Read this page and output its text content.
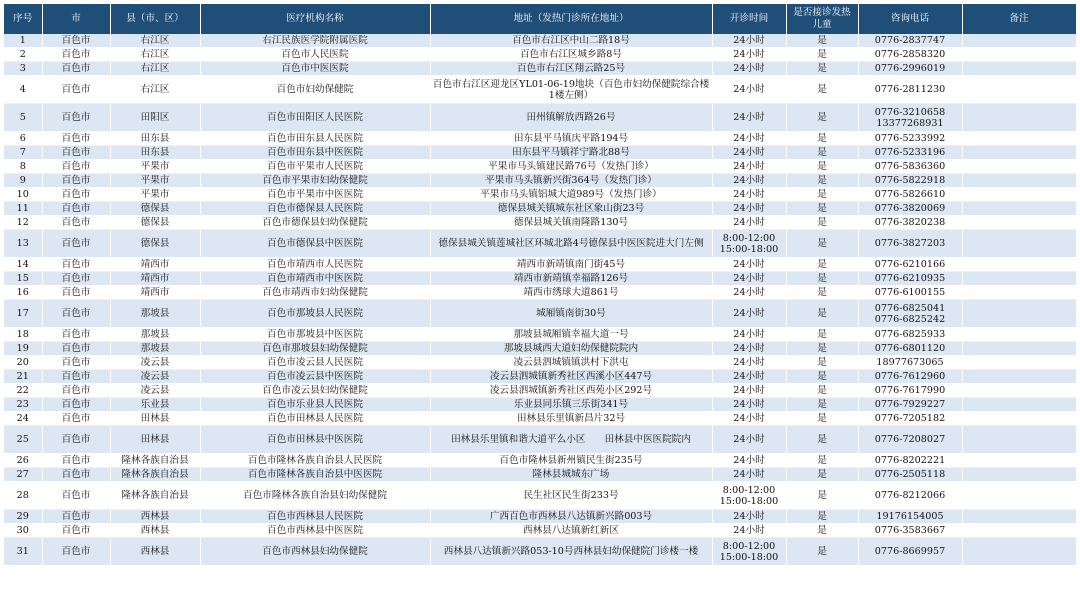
序号	市	县（市、区）	医疗机构名称	地址（发热门诊所在地址）	开诊时间	是否接诊发热儿童	咨询电话	备注
1	百色市	右江区	右江民族医学院附属医院	百色市右江区中山二路18号	24小时	是	0776-2837747	
2	百色市	右江区	百色市人民医院	百色市右江区城乡路8号	24小时	是	0776-2858320	
3	百色市	右江区	百色市中医医院	百色市右江区翔云路25号	24小时	是	0776-2996019	
4	百色市	右江区	百色市妇幼保健院	百色市右江区迎龙区YL01-06-19地块（百色市妇幼保健院综合楼1楼左侧）	24小时	是	0776-2811230	
5	百色市	田阳区	百色市田阳区人民医院	田州镇解放西路26号	24小时	是	0776-3210658 13377268931	
6	百色市	田东县	百色市田东县人民医院	田东县平马镇庆平路194号	24小时	是	0776-5233992	
7	百色市	田东县	百色市田东县中医医院	田东县平马镇祥宁路北88号	24小时	是	0776-5233196	
8	百色市	平果市	百色市平果市人民医院	平果市马头镇建民路76号（发热门诊）	24小时	是	0776-5836360	
9	百色市	平果市	百色市平果市妇幼保健院	平果市马头镇新兴街364号（发热门诊）	24小时	是	0776-5822918	
10	百色市	平果市	百色市平果市中医医院	平果市马头镇铝城大道989号（发热门诊）	24小时	是	0776-5826610	
11	百色市	德保县	百色市德保县人民医院	德保县城关镇城东社区象山街23号	24小时	是	0776-3820069	
12	百色市	德保县	百色市德保县妇幼保健院	德保县城关镇南隆路130号	24小时	是	0776-3820238	
13	百色市	德保县	百色市德保县中医医院	德保县城关镇莲城社区环城北路4号德保县中医医院进大门左侧	8:00-12:00 15:00-18:00	是	0776-3827203	
14	百色市	靖西市	百色市靖西市人民医院	靖西市新靖镇南门街45号	24小时	是	0776-6210166	
15	百色市	靖西市	百色市靖西市中医医院	靖西市新靖镇幸福路126号	24小时	是	0776-6210935	
16	百色市	靖西市	百色市靖西市妇幼保健院	靖西市绣球大道861号	24小时	是	0776-6100155	
17	百色市	那坡县	百色市那坡县人民医院	城厢镇南街30号	24小时	是	0776-6825041 0776-6825242	
18	百色市	那坡县	百色市那坡县中医医院	那坡县城厢镇幸福大道一号	24小时	是	0776-6825933	
19	百色市	那坡县	百色市那坡县妇幼保健院	那坡县城西大道妇幼保健院院内	24小时	是	0776-6801120	
20	百色市	凌云县	百色市凌云县人民医院	凌云县泗城镇镇洪村下洪屯	24小时	是	18977673065	
21	百色市	凌云县	百色市凌云县中医医院	凌云县泗城镇新秀社区西溪小区447号	24小时	是	0776-7612960	
22	百色市	凌云县	百色市凌云县妇幼保健院	凌云县泗城镇新秀社区西苑小区292号	24小时	是	0776-7617990	
23	百色市	乐业县	百色市乐业县人民医院	乐业县同乐镇三乐街341号	24小时	是	0776-7929227	
24	百色市	田林县	百色市田林县人民医院	田林县乐里镇新昌片32号	24小时	是	0776-7205182	
25	百色市	田林县	百色市田林县中医医院	田林县乐里镇和谐大道平么小区　　田林县中医医院院内	24小时	是	0776-7208027	
26	百色市	隆林各族自治县	百色市隆林各族自治县人民医院	百色市隆林县新州镇民生街235号	24小时	是	0776-8202221	
27	百色市	隆林各族自治县	百色市隆林各族自治县中医医院	隆林县城城东广场	24小时	是	0776-2505118	
28	百色市	隆林各族自治县	百色市隆林各族自治县妇幼保健院	民生社区民生街233号	8:00-12:00 15:00-18:00	是	0776-8212066	
29	百色市	西林县	百色市西林县人民医院	广西百色市西林县八达镇新兴路003号	24小时	是	19176154005	
30	百色市	西林县	百色市西林县中医医院	西林县八达镇新红新区	24小时	是	0776-3583667	
31	百色市	西林县	百色市西林县妇幼保健院	西林县八达镇新兴路053-10号西林县妇幼保健院门诊楼一楼	8:00-12:00 15:00-18:00	是	0776-8669957	
